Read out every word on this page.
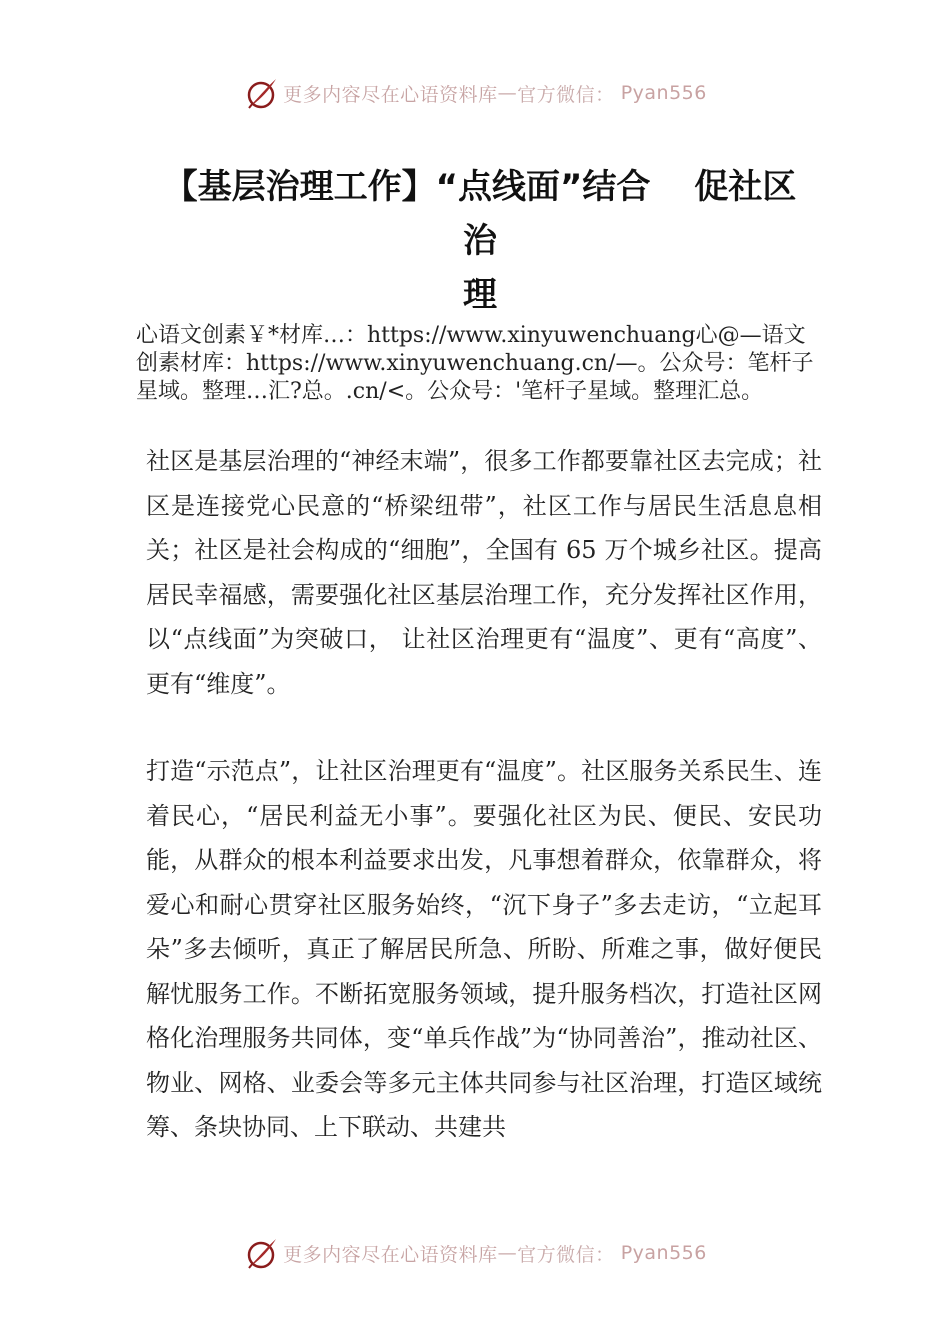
更多内容尽在心语资料库 — 官方微信： Pyan556
【基层治理工作】“点线面”结合 促社区
治
理
心语文创素￥*材库…：https://www.xinyuwenchuang心@—语文创素材库：https://www.xinyuwenchuang.cn/—。公众号：笔杆子星域。整理…汇?总。.cn/<。公众号：'笔杆子星域。整理汇总。

社区是基层治理的“神经末端”，很多工作都要靠社区去完成；社区是连接党心民意的“桥梁纽带”，社区工作与居民生活息息相关；社区是社会构成的“细胞”，全国有 65 万个城乡社区。提高居民幸福感，需要强化社区基层治理工作，充分发挥社区作用，以“点线面”为突破口， 让社区治理更有“温度”、更有“高度”、更有“维度”。

打造“示范点”，让社区治理更有“温度”。社区服务关系民生、连着民心，“居民利益无小事”。要强化社区为民、便民、安民功能，从群众的根本利益要求出发，凡事想着群众，依靠群众，将爱心和耐心贯穿社区服务始终，“沉下身子”多去走访，“立起耳朵”多去倾听，真正了解居民所急、所盼、所难之事，做好便民解忧服务工作。不断拓宽服务领域，提升服务档次，打造社区网格化治理服务共同体，变“单兵作战”为“协同善治”，推动社区、物业、网格、业委会等多元主体共同参与社区治理，打造区域统筹、条块协同、上下联动、共建共

更多内容尽在心语资料库 — 官方微信： Pyan556
